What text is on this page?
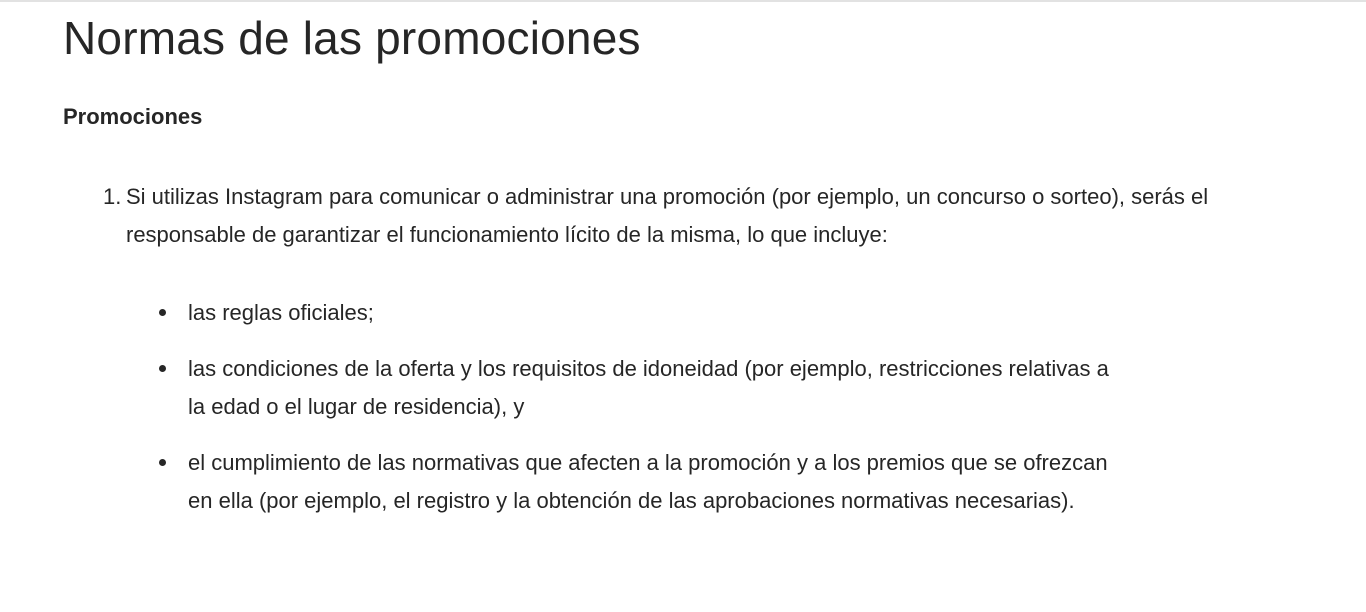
Normas de las promociones
Promociones
1. Si utilizas Instagram para comunicar o administrar una promoción (por ejemplo, un concurso o sorteo), serás el responsable de garantizar el funcionamiento lícito de la misma, lo que incluye:
las reglas oficiales;
las condiciones de la oferta y los requisitos de idoneidad (por ejemplo, restricciones relativas a la edad o el lugar de residencia), y
el cumplimiento de las normativas que afecten a la promoción y a los premios que se ofrezcan en ella (por ejemplo, el registro y la obtención de las aprobaciones normativas necesarias).
